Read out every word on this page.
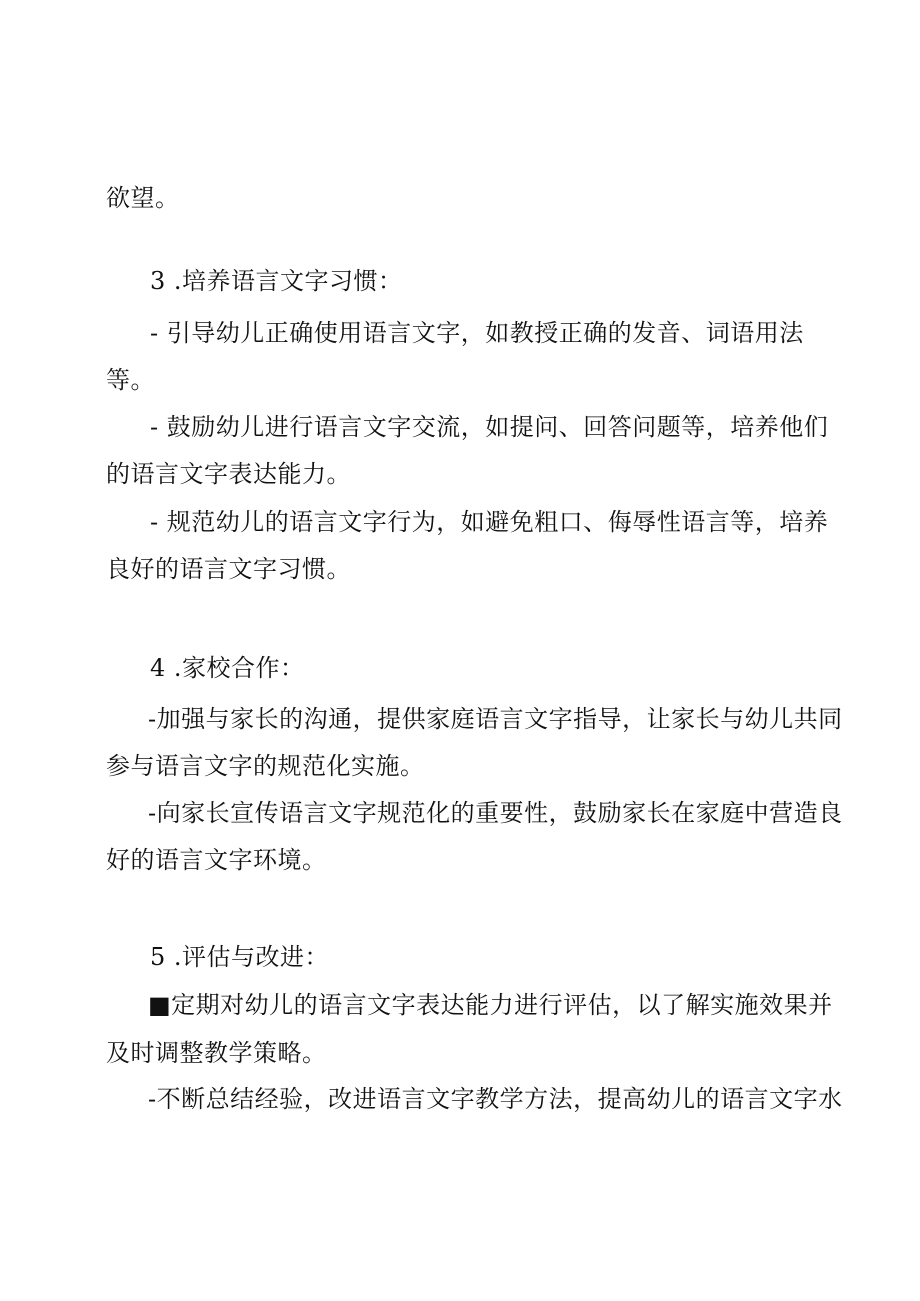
欲望。
3 .培养语言文字习惯：
- 引导幼儿正确使用语言文字，如教授正确的发音、词语用法
等。
- 鼓励幼儿进行语言文字交流，如提问、回答问题等，培养他们
的语言文字表达能力。
- 规范幼儿的语言文字行为，如避免粗口、侮辱性语言等，培养
良好的语言文字习惯。
4 .家校合作：
-加强与家长的沟通，提供家庭语言文字指导，让家长与幼儿共同
参与语言文字的规范化实施。
-向家长宣传语言文字规范化的重要性，鼓励家长在家庭中营造良
好的语言文字环境。
5 .评估与改进：
■定期对幼儿的语言文字表达能力进行评估，以了解实施效果并
及时调整教学策略。
-不断总结经验，改进语言文字教学方法，提高幼儿的语言文字水
